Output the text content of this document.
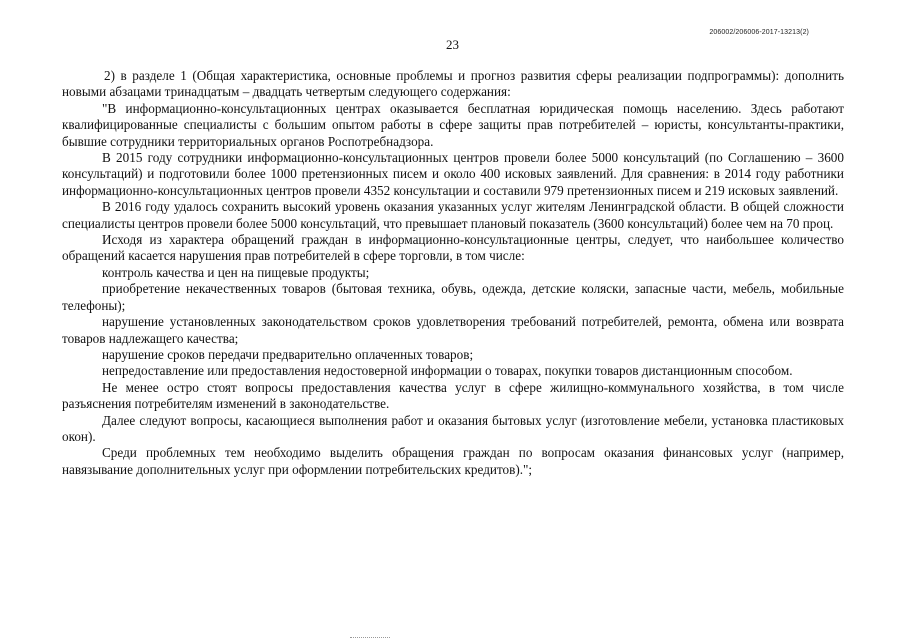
206002/206006-2017-13213(2)
23

2) в разделе 1 (Общая характеристика, основные проблемы и прогноз развития сферы реализации подпрограммы): дополнить новыми абзацами тринадцатым – двадцать четвертым следующего содержания:

"В информационно-консультационных центрах оказывается бесплатная юридическая помощь населению. Здесь работают квалифицированные специалисты с большим опытом работы в сфере защиты прав потребителей – юристы, консультанты-практики, бывшие сотрудники территориальных органов Роспотребнадзора.

В 2015 году сотрудники информационно-консультационных центров провели более 5000 консультаций (по Соглашению – 3600 консультаций) и подготовили более 1000 претензионных писем и около 400 исковых заявлений. Для сравнения: в 2014 году работники информационно-консультационных центров провели 4352 консультации и составили 979 претензионных писем и 219 исковых заявлений.

В 2016 году удалось сохранить высокий уровень оказания указанных услуг жителям Ленинградской области. В общей сложности специалисты центров провели более 5000 консультаций, что превышает плановый показатель (3600 консультаций) более чем на 70 проц.

Исходя из характера обращений граждан в информационно-консультационные центры, следует, что наибольшее количество обращений касается нарушения прав потребителей в сфере торговли, в том числе:

контроль качества и цен на пищевые продукты;

приобретение некачественных товаров (бытовая техника, обувь, одежда, детские коляски, запасные части, мебель, мобильные телефоны);

нарушение установленных законодательством сроков удовлетворения требований потребителей, ремонта, обмена или возврата товаров надлежащего качества;

нарушение сроков передачи предварительно оплаченных товаров;

непредоставление или предоставления недостоверной информации о товарах, покупки товаров дистанционным способом.

Не менее остро стоят вопросы предоставления качества услуг в сфере жилищно-коммунального хозяйства, в том числе разъяснения потребителям изменений в законодательстве.

Далее следуют вопросы, касающиеся выполнения работ и оказания бытовых услуг (изготовление мебели, установка пластиковых окон).

Среди проблемных тем необходимо выделить обращения граждан по вопросам оказания финансовых услуг (например, навязывание дополнительных услуг при оформлении потребительских кредитов).";
